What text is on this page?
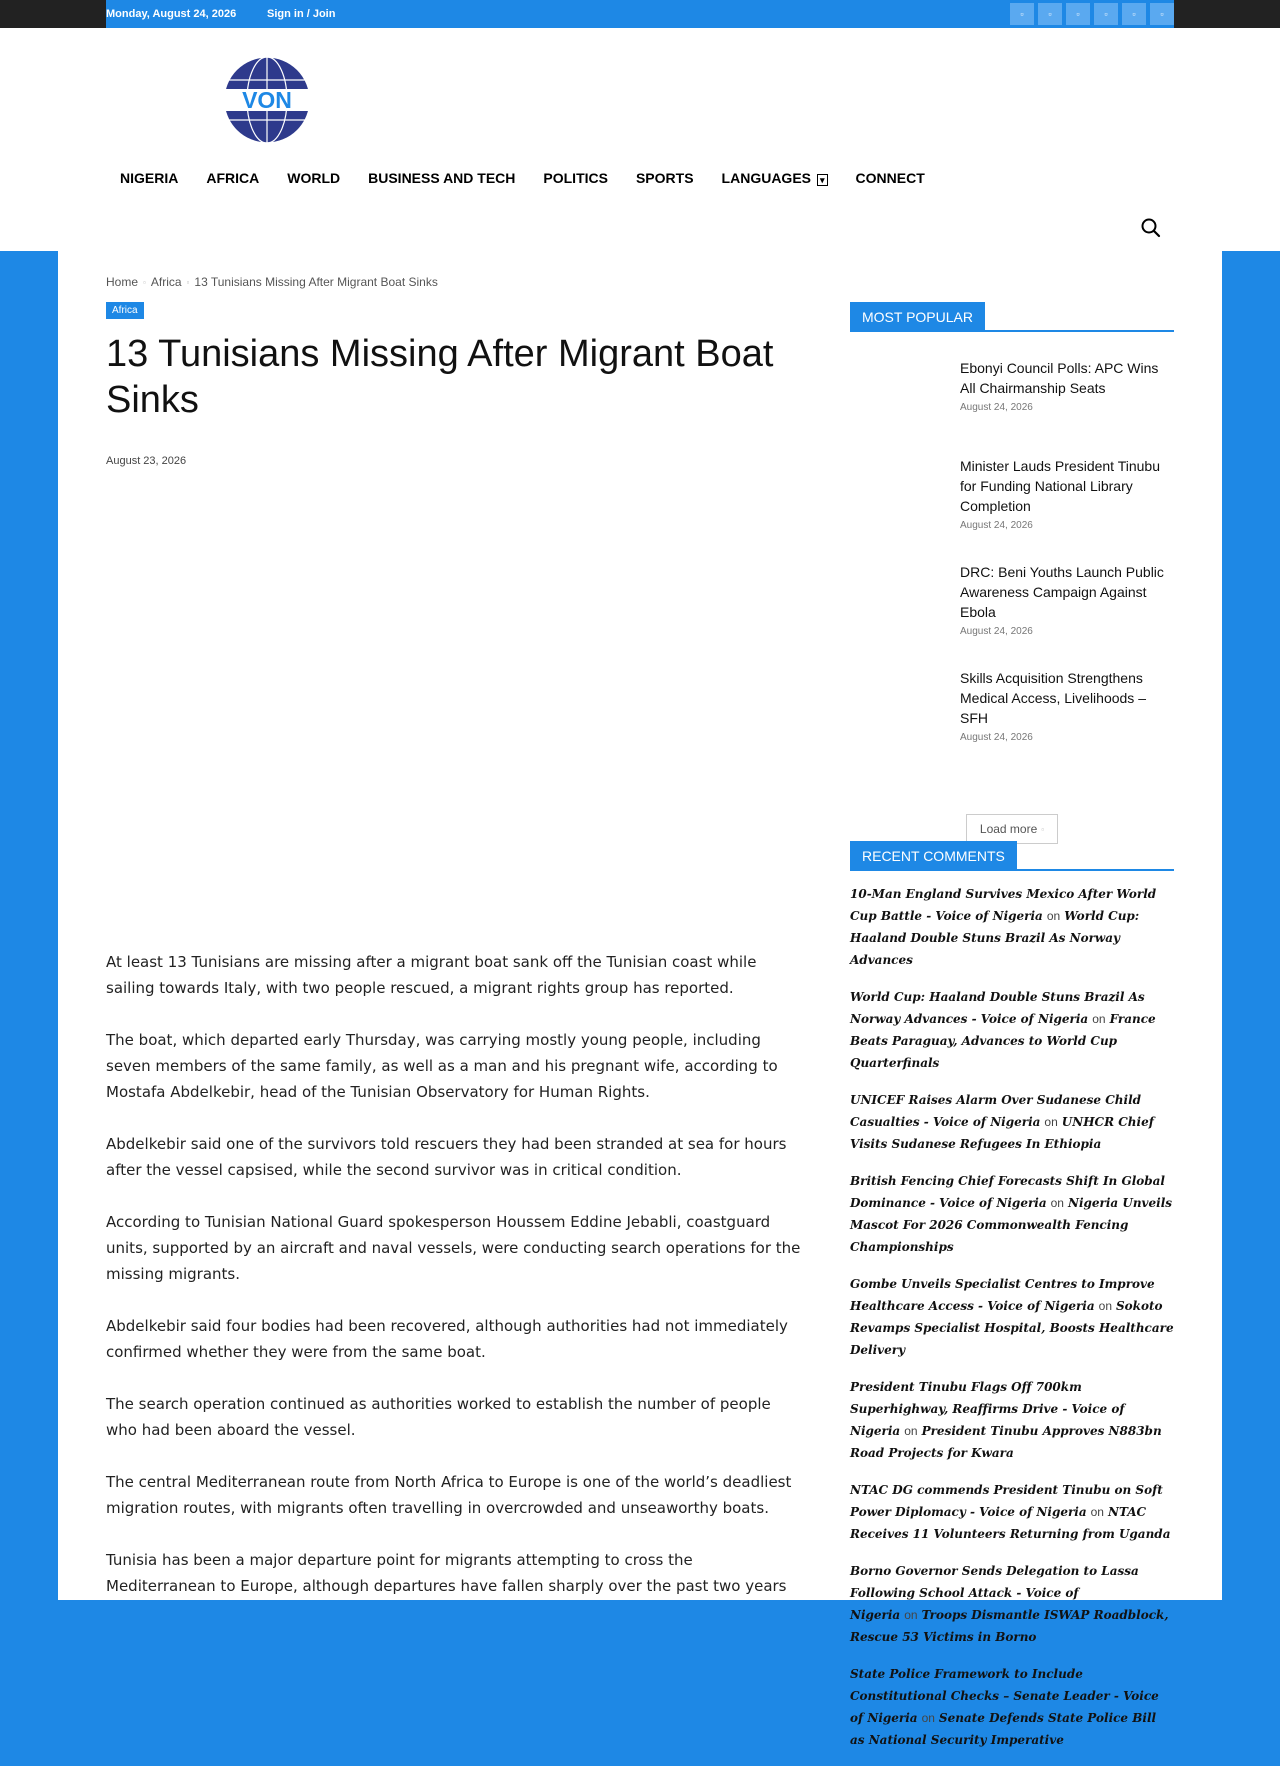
Monday, August 24, 2026	Sign in / Join	▫	▫	▫	▫	▫	▫
VON
NIGERIA	AFRICA	WORLD	BUSINESS AND TECH	POLITICS	SPORTS	LANGUAGES ▾	CONNECT
Home ▫ Africa ▫ 13 Tunisians Missing After Migrant Boat Sinks
Africa
13 Tunisians Missing After Migrant Boat Sinks
August 23, 2026

At least 13 Tunisians are missing after a migrant boat sank off the Tunisian coast while sailing towards Italy, with two people rescued, a migrant rights group has reported.

The boat, which departed early Thursday, was carrying mostly young people, including seven members of the same family, as well as a man and his pregnant wife, according to Mostafa Abdelkebir, head of the Tunisian Observatory for Human Rights.

Abdelkebir said one of the survivors told rescuers they had been stranded at sea for hours after the vessel capsised, while the second survivor was in critical condition.

According to Tunisian National Guard spokesperson Houssem Eddine Jebabli, coastguard units, supported by an aircraft and naval vessels, were conducting search operations for the missing migrants.

Abdelkebir said four bodies had been recovered, although authorities had not immediately confirmed whether they were from the same boat.

The search operation continued as authorities worked to establish the number of people who had been aboard the vessel.

The central Mediterranean route from North Africa to Europe is one of the world’s deadliest migration routes, with migrants often travelling in overcrowded and unseaworthy boats.

Tunisia has been a major departure point for migrants attempting to cross the Mediterranean to Europe, although departures have fallen sharply over the past two years

MOST POPULAR
Ebonyi Council Polls: APC Wins All Chairmanship Seats
August 24, 2026
Minister Lauds President Tinubu for Funding National Library Completion
August 24, 2026
DRC: Beni Youths Launch Public Awareness Campaign Against Ebola
August 24, 2026
Skills Acquisition Strengthens Medical Access, Livelihoods – SFH
August 24, 2026
Load more ▫
RECENT COMMENTS
10-Man England Survives Mexico After World Cup Battle - Voice of Nigeria on World Cup: Haaland Double Stuns Brazil As Norway Advances
World Cup: Haaland Double Stuns Brazil As Norway Advances - Voice of Nigeria on France Beats Paraguay, Advances to World Cup Quarterfinals
UNICEF Raises Alarm Over Sudanese Child Casualties - Voice of Nigeria on UNHCR Chief Visits Sudanese Refugees In Ethiopia
British Fencing Chief Forecasts Shift In Global Dominance - Voice of Nigeria on Nigeria Unveils Mascot For 2026 Commonwealth Fencing Championships
Gombe Unveils Specialist Centres to Improve Healthcare Access - Voice of Nigeria on Sokoto Revamps Specialist Hospital, Boosts Healthcare Delivery
President Tinubu Flags Off 700km Superhighway, Reaffirms Drive - Voice of Nigeria on President Tinubu Approves N883bn Road Projects for Kwara
NTAC DG commends President Tinubu on Soft Power Diplomacy - Voice of Nigeria on NTAC Receives 11 Volunteers Returning from Uganda
Borno Governor Sends Delegation to Lassa Following School Attack - Voice of Nigeria on Troops Dismantle ISWAP Roadblock, Rescue 53 Victims in Borno
State Police Framework to Include Constitutional Checks – Senate Leader - Voice of Nigeria on Senate Defends State Police Bill as National Security Imperative
